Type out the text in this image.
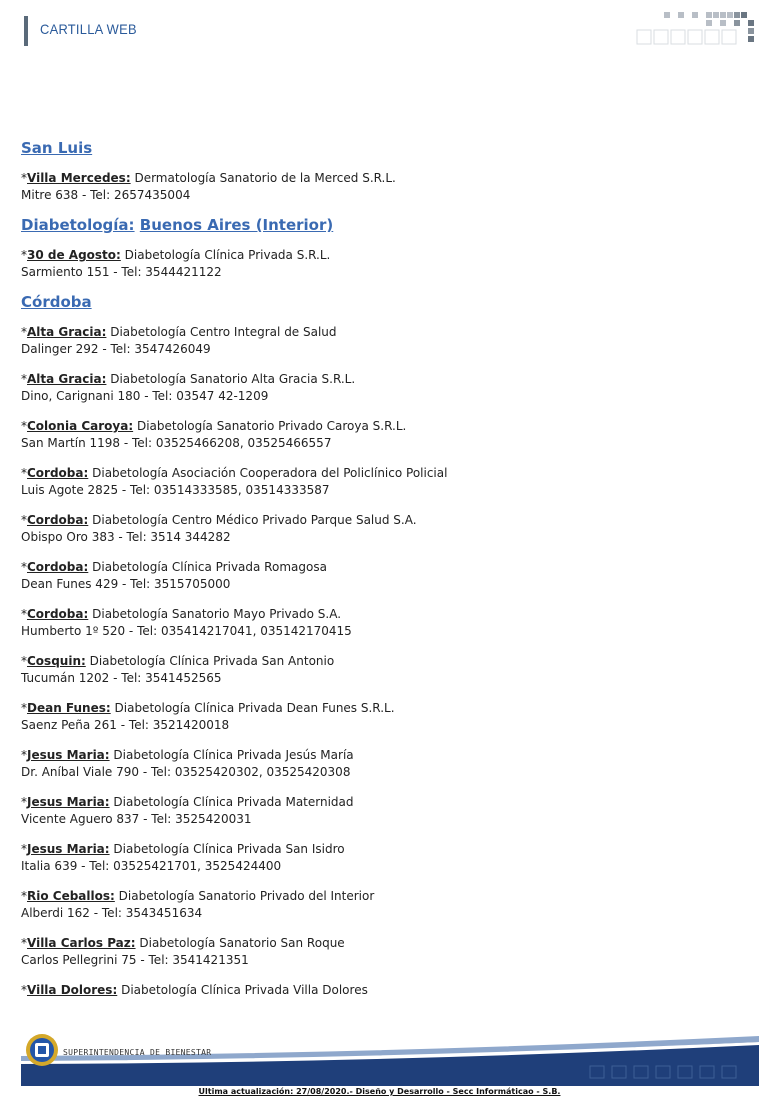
CARTILLA WEB
San Luis
*Villa Mercedes: Dermatología Sanatorio de la Merced S.R.L.
Mitre 638 - Tel: 2657435004
Diabetología: Buenos Aires (Interior)
*30 de Agosto: Diabetología Clínica Privada S.R.L.
Sarmiento 151 - Tel: 3544421122
Córdoba
*Alta Gracia: Diabetología Centro Integral de Salud
Dalinger 292 - Tel: 3547426049
*Alta Gracia: Diabetología Sanatorio Alta Gracia S.R.L.
Dino, Carignani 180 - Tel: 03547 42-1209
*Colonia Caroya: Diabetología Sanatorio Privado Caroya S.R.L.
San Martín 1198 - Tel: 03525466208, 03525466557
*Cordoba: Diabetología Asociación Cooperadora del Policlínico Policial
Luis Agote 2825 - Tel: 03514333585, 03514333587
*Cordoba: Diabetología Centro Médico Privado Parque Salud S.A.
Obispo Oro 383 - Tel: 3514 344282
*Cordoba: Diabetología Clínica Privada Romagosa
Dean Funes 429 - Tel: 3515705000
*Cordoba: Diabetología Sanatorio Mayo Privado S.A.
Humberto 1º 520 - Tel: 035414217041, 035142170415
*Cosquin: Diabetología Clínica Privada San Antonio
Tucumán 1202 - Tel: 3541452565
*Dean Funes: Diabetología Clínica Privada Dean Funes S.R.L.
Saenz Peña 261 - Tel: 3521420018
*Jesus Maria: Diabetología Clínica Privada Jesús María
Dr. Aníbal Viale 790 - Tel: 03525420302, 03525420308
*Jesus Maria: Diabetología Clínica Privada Maternidad
Vicente Aguero 837 - Tel: 3525420031
*Jesus Maria: Diabetología Clínica Privada San Isidro
Italia 639 - Tel: 03525421701, 3525424400
*Rio Ceballos: Diabetología Sanatorio Privado del Interior
Alberdi 162 - Tel: 3543451634
*Villa Carlos Paz: Diabetología Sanatorio San Roque
Carlos Pellegrini 75 - Tel: 3541421351
*Villa Dolores: Diabetología Clínica Privada Villa Dolores
SUPERINTENDENCIA DE BIENESTAR
Ultima actualización: 27/08/2020.- Diseño y Desarrollo - Secc Informáticao - S.B.
